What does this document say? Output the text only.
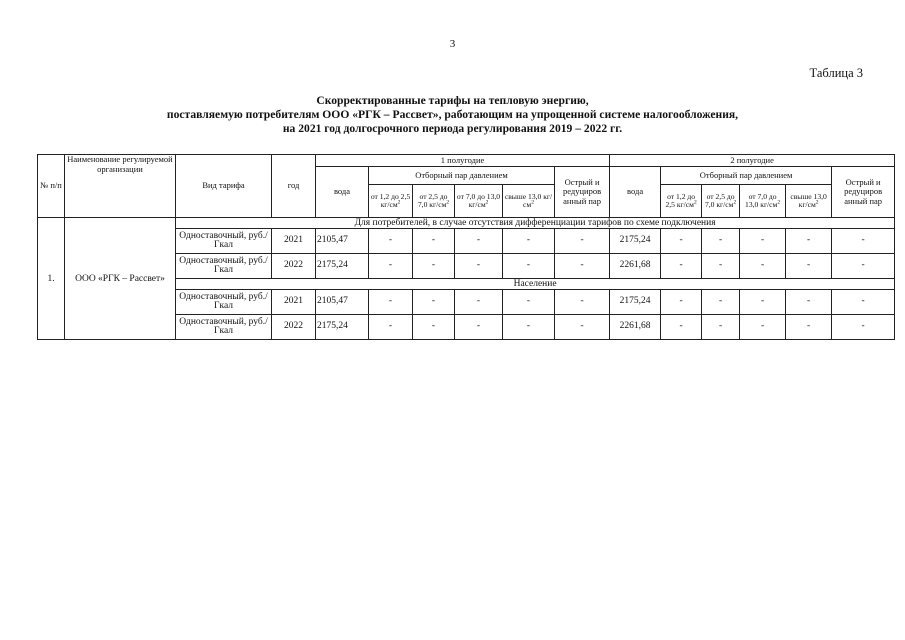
3
Таблица 3
Скорректированные тарифы на тепловую энергию,
поставляемую потребителям ООО «РГК – Рассвет», работающим на упрощенной системе налогообложения,
на 2021 год долгосрочного периода регулирования 2019 – 2022 гг.
№ п/п	Наименование регулируемой организации	Вид тарифа	год	1 полугодие						2 полугодие					
				вода	Отборный пар давлением				Острый и редуциров анный пар	вода	Отборный пар давлением				Острый и редуциров анный пар
					от 1,2 до 2,5 $кг/см^2$	от 2,5 до 7,0 $кг/см^2$	от 7,0 до 13,0 $кг/см^2$	свыше 13,0 $кг/см^2$			от 1,2 до 2,5 $кг/см^2$	от 2,5 до 7,0 $кг/см^2$	от 7,0 до 13,0 $кг/см^2$	свыше 13,0 $кг/см^2$
1.	ООО «РГК – Рассвет»	Для потребителей, в случае отсутствия дифференциации тарифов по схеме подключения													
		Одноставочный, руб./Гкал	2021	2105,47	-	-	-	-	-	2175,24	-	-	-	-	-
		Одноставочный, руб./Гкал	2022	2175,24	-	-	-	-	-	2261,68	-	-	-	-	-
		Население													
		Одноставочный, руб./Гкал	2021	2105,47	-	-	-	-	-	2175,24	-	-	-	-	-
		Одноставочный, руб./Гкал	2022	2175,24	-	-	-	-	-	2261,68	-	-	-	-	-
